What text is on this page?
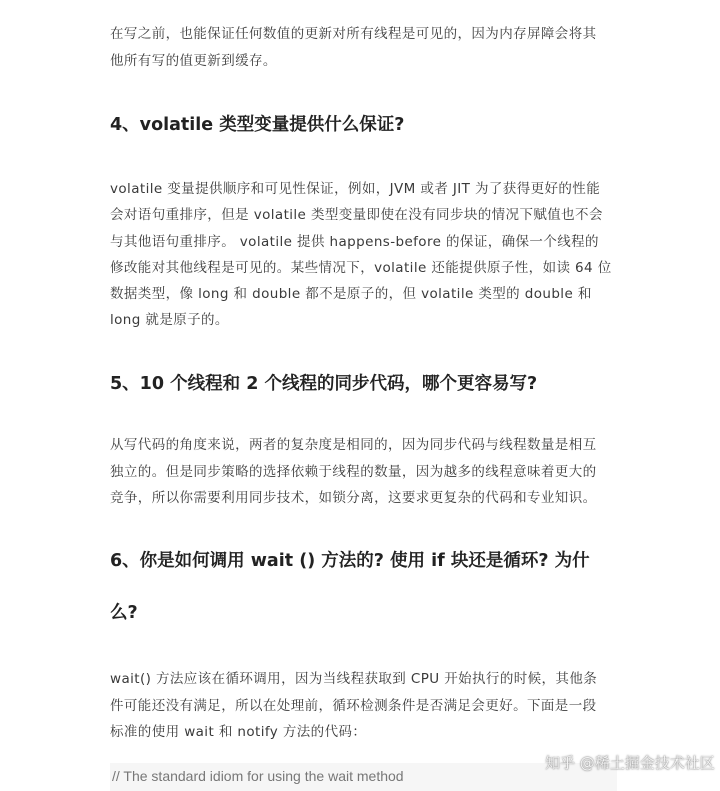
在写之前，也能保证任何数值的更新对所有线程是可见的，因为内存屏障会将其
他所有写的值更新到缓存。
4、volatile 类型变量提供什么保证?
volatile 变量提供顺序和可见性保证，例如，JVM 或者 JIT 为了获得更好的性能
会对语句重排序，但是 volatile 类型变量即使在没有同步块的情况下赋值也不会
与其他语句重排序。 volatile 提供 happens-before 的保证，确保一个线程的
修改能对其他线程是可见的。某些情况下，volatile 还能提供原子性，如读 64 位
数据类型，像 long 和 double 都不是原子的，但 volatile 类型的 double 和
long 就是原子的。
5、10 个线程和 2 个线程的同步代码，哪个更容易写?
从写代码的角度来说，两者的复杂度是相同的，因为同步代码与线程数量是相互
独立的。但是同步策略的选择依赖于线程的数量，因为越多的线程意味着更大的
竞争，所以你需要利用同步技术，如锁分离，这要求更复杂的代码和专业知识。
6、你是如何调用 wait () 方法的? 使用 if 块还是循环? 为什
么?
wait() 方法应该在循环调用，因为当线程获取到 CPU 开始执行的时候，其他条
件可能还没有满足，所以在处理前，循环检测条件是否满足会更好。下面是一段
标准的使用 wait 和 notify 方法的代码：
// The standard idiom for using the wait method
知乎 @稀土掘金技术社区
